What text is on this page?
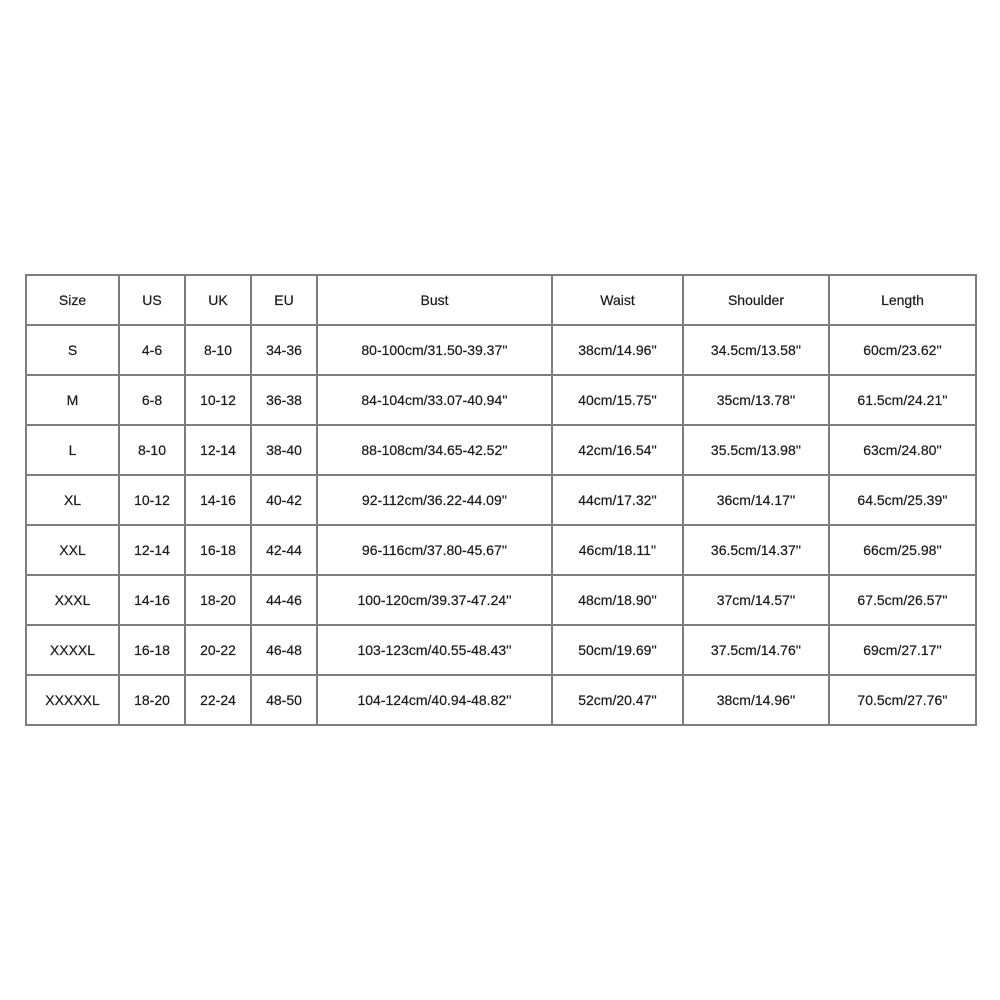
Size	US	UK	EU	Bust	Waist	Shoulder	Length
S	4-6	8-10	34-36	80-100cm/31.50-39.37''	38cm/14.96''	34.5cm/13.58''	60cm/23.62''
M	6-8	10-12	36-38	84-104cm/33.07-40.94''	40cm/15.75''	35cm/13.78''	61.5cm/24.21''
L	8-10	12-14	38-40	88-108cm/34.65-42.52''	42cm/16.54''	35.5cm/13.98''	63cm/24.80''
XL	10-12	14-16	40-42	92-112cm/36.22-44.09''	44cm/17.32''	36cm/14.17''	64.5cm/25.39''
XXL	12-14	16-18	42-44	96-116cm/37.80-45.67''	46cm/18.11''	36.5cm/14.37''	66cm/25.98''
XXXL	14-16	18-20	44-46	100-120cm/39.37-47.24''	48cm/18.90''	37cm/14.57''	67.5cm/26.57''
XXXXL	16-18	20-22	46-48	103-123cm/40.55-48.43''	50cm/19.69''	37.5cm/14.76''	69cm/27.17''
XXXXXL	18-20	22-24	48-50	104-124cm/40.94-48.82''	52cm/20.47''	38cm/14.96''	70.5cm/27.76''
